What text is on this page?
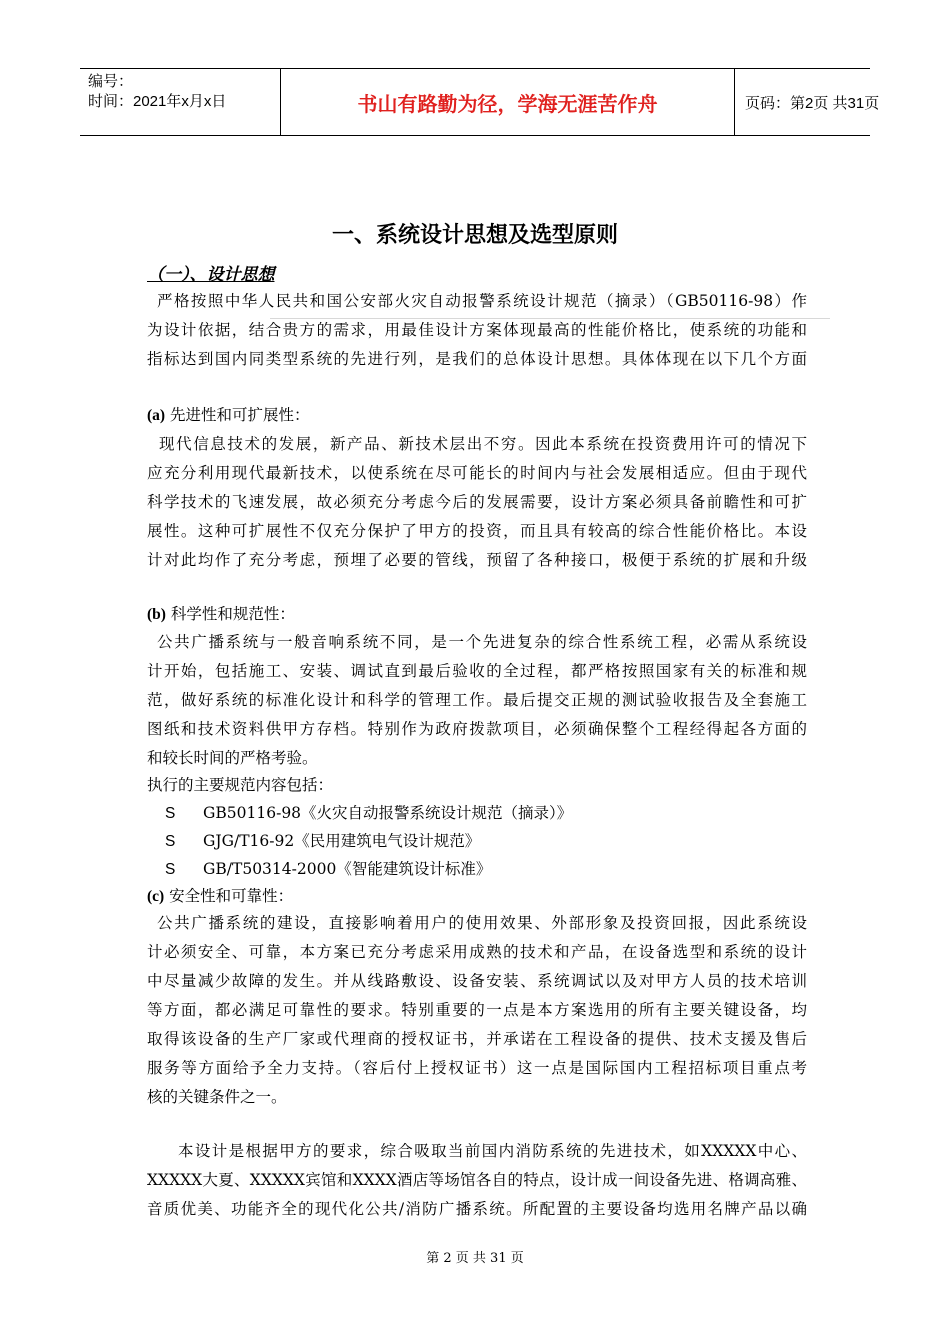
编号：
时间：2021年x月x日	书山有路勤为径，学海无涯苦作舟	页码：第2页 共31页
一、系统设计思想及选型原则
（一）、设计思想
严格按照中华人民共和国公安部火灾自动报警系统设计规范（摘录）（GB50116-98）作
为设计依据，结合贵方的需求，用最佳设计方案体现最高的性能价格比，使系统的功能和
指标达到国内同类型系统的先进行列，是我们的总体设计思想。具体体现在以下几个方面
(a) 先进性和可扩展性：
现代信息技术的发展，新产品、新技术层出不穷。因此本系统在投资费用许可的情况下
应充分利用现代最新技术，以使系统在尽可能长的时间内与社会发展相适应。但由于现代
科学技术的飞速发展，故必须充分考虑今后的发展需要，设计方案必须具备前瞻性和可扩
展性。这种可扩展性不仅充分保护了甲方的投资，而且具有较高的综合性能价格比。本设
计对此均作了充分考虑，预埋了必要的管线，预留了各种接口，极便于系统的扩展和升级
(b) 科学性和规范性：
公共广播系统与一般音响系统不同，是一个先进复杂的综合性系统工程，必需从系统设
计开始，包括施工、安装、调试直到最后验收的全过程，都严格按照国家有关的标准和规
范，做好系统的标准化设计和科学的管理工作。最后提交正规的测试验收报告及全套施工
图纸和技术资料供甲方存档。特别作为政府拨款项目，必须确保整个工程经得起各方面的
和较长时间的严格考验。
执行的主要规范内容包括：
S GB50116-98《火灾自动报警系统设计规范（摘录）》
S GJG/T16-92《民用建筑电气设计规范》
S GB/T50314-2000《智能建筑设计标准》
(c) 安全性和可靠性：
公共广播系统的建设，直接影响着用户的使用效果、外部形象及投资回报，因此系统设
计必须安全、可靠，本方案已充分考虑采用成熟的技术和产品，在设备选型和系统的设计
中尽量减少故障的发生。并从线路敷设、设备安装、系统调试以及对甲方人员的技术培训
等方面，都必满足可靠性的要求。特别重要的一点是本方案选用的所有主要关键设备，均
取得该设备的生产厂家或代理商的授权证书，并承诺在工程设备的提供、技术支援及售后
服务等方面给予全力支持。（容后付上授权证书）这一点是国际国内工程招标项目重点考
核的关键条件之一。
本设计是根据甲方的要求，综合吸取当前国内消防系统的先进技术，如XXXXX中心、
XXXXX大夏、XXXXX宾馆和XXXX酒店等场馆各自的特点，设计成一间设备先进、格调高雅、
音质优美、功能齐全的现代化公共/消防广播系统。所配置的主要设备均选用名牌产品以确
第 2 页 共 31 页
